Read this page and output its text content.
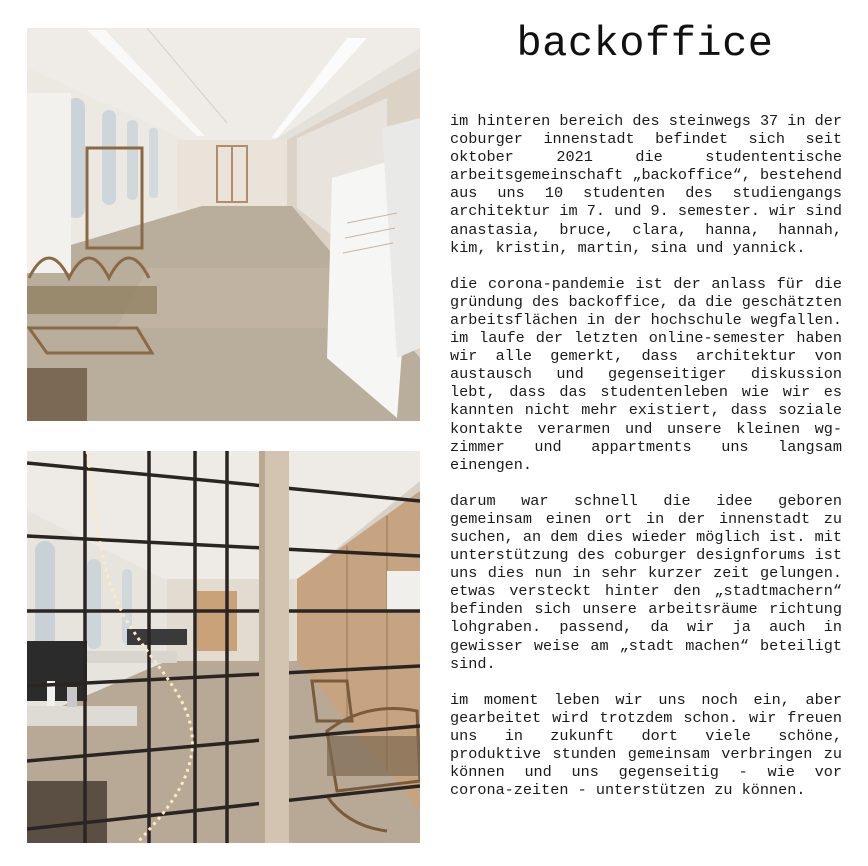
backoffice

im hinteren bereich des steinwegs 37 in der coburger innenstadt befindet sich seit oktober 2021 die studententische arbeitsgemeinschaft „backoffice“, bestehend aus uns 10 studenten des studiengangs architektur im 7. und 9. semester. wir sind anastasia, bruce, clara, hanna, hannah, kim, kristin, martin, sina und yannick.

die corona-pandemie ist der anlass für die gründung des backoffice, da die geschätzten arbeitsflächen in der hochschule wegfallen. im laufe der letzten online-semester haben wir alle gemerkt, dass architektur von austausch und gegenseitiger diskussion lebt, dass das studentenleben wie wir es kannten nicht mehr existiert, dass soziale kontakte verarmen und unsere kleinen wg-zimmer und appartments uns langsam einengen.

darum war schnell die idee geboren gemeinsam einen ort in der innenstadt zu suchen, an dem dies wieder möglich ist. mit unterstützung des coburger designforums ist uns dies nun in sehr kurzer zeit gelungen. etwas versteckt hinter den „stadtmachern“ befinden sich unsere arbeitsräume richtung lohgraben. passend, da wir ja auch in gewisser weise am „stadt machen“ beteiligt sind.

im moment leben wir uns noch ein, aber gearbeitet wird trotzdem schon. wir freuen uns in zukunft dort viele schöne, produktive stunden gemeinsam verbringen zu können und uns gegenseitig - wie vor corona-zeiten - unterstützen zu können.
